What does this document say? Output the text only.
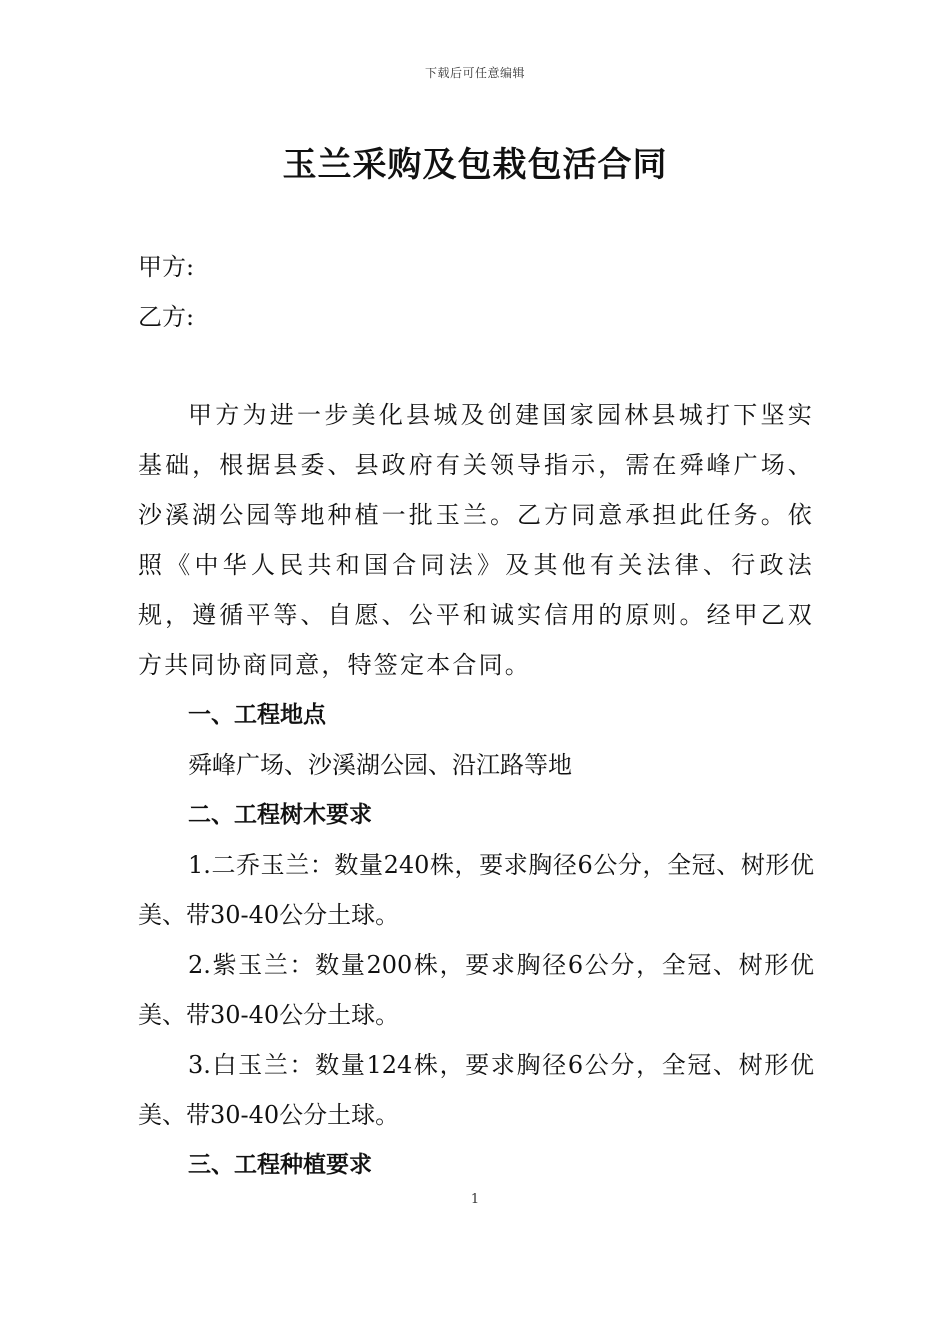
下载后可任意编辑
玉兰采购及包栽包活合同
甲方:
乙方:

甲方为进一步美化县城及创建国家园林县城打下坚实基础，根据县委、县政府有关领导指示，需在舜峰广场、沙溪湖公园等地种植一批玉兰。乙方同意承担此任务。依照《中华人民共和国合同法》及其他有关法律、行政法规，遵循平等、自愿、公平和诚实信用的原则。经甲乙双方共同协商同意，特签定本合同。

一、工程地点

舜峰广场、沙溪湖公园、沿江路等地

二、工程树木要求

1.二乔玉兰：数量240株，要求胸径6公分，全冠、树形优美、带30-40公分土球。

2.紫玉兰：数量200株，要求胸径6公分，全冠、树形优美、带30-40公分土球。

3.白玉兰：数量124株，要求胸径6公分，全冠、树形优美、带30-40公分土球。

三、工程种植要求

1
